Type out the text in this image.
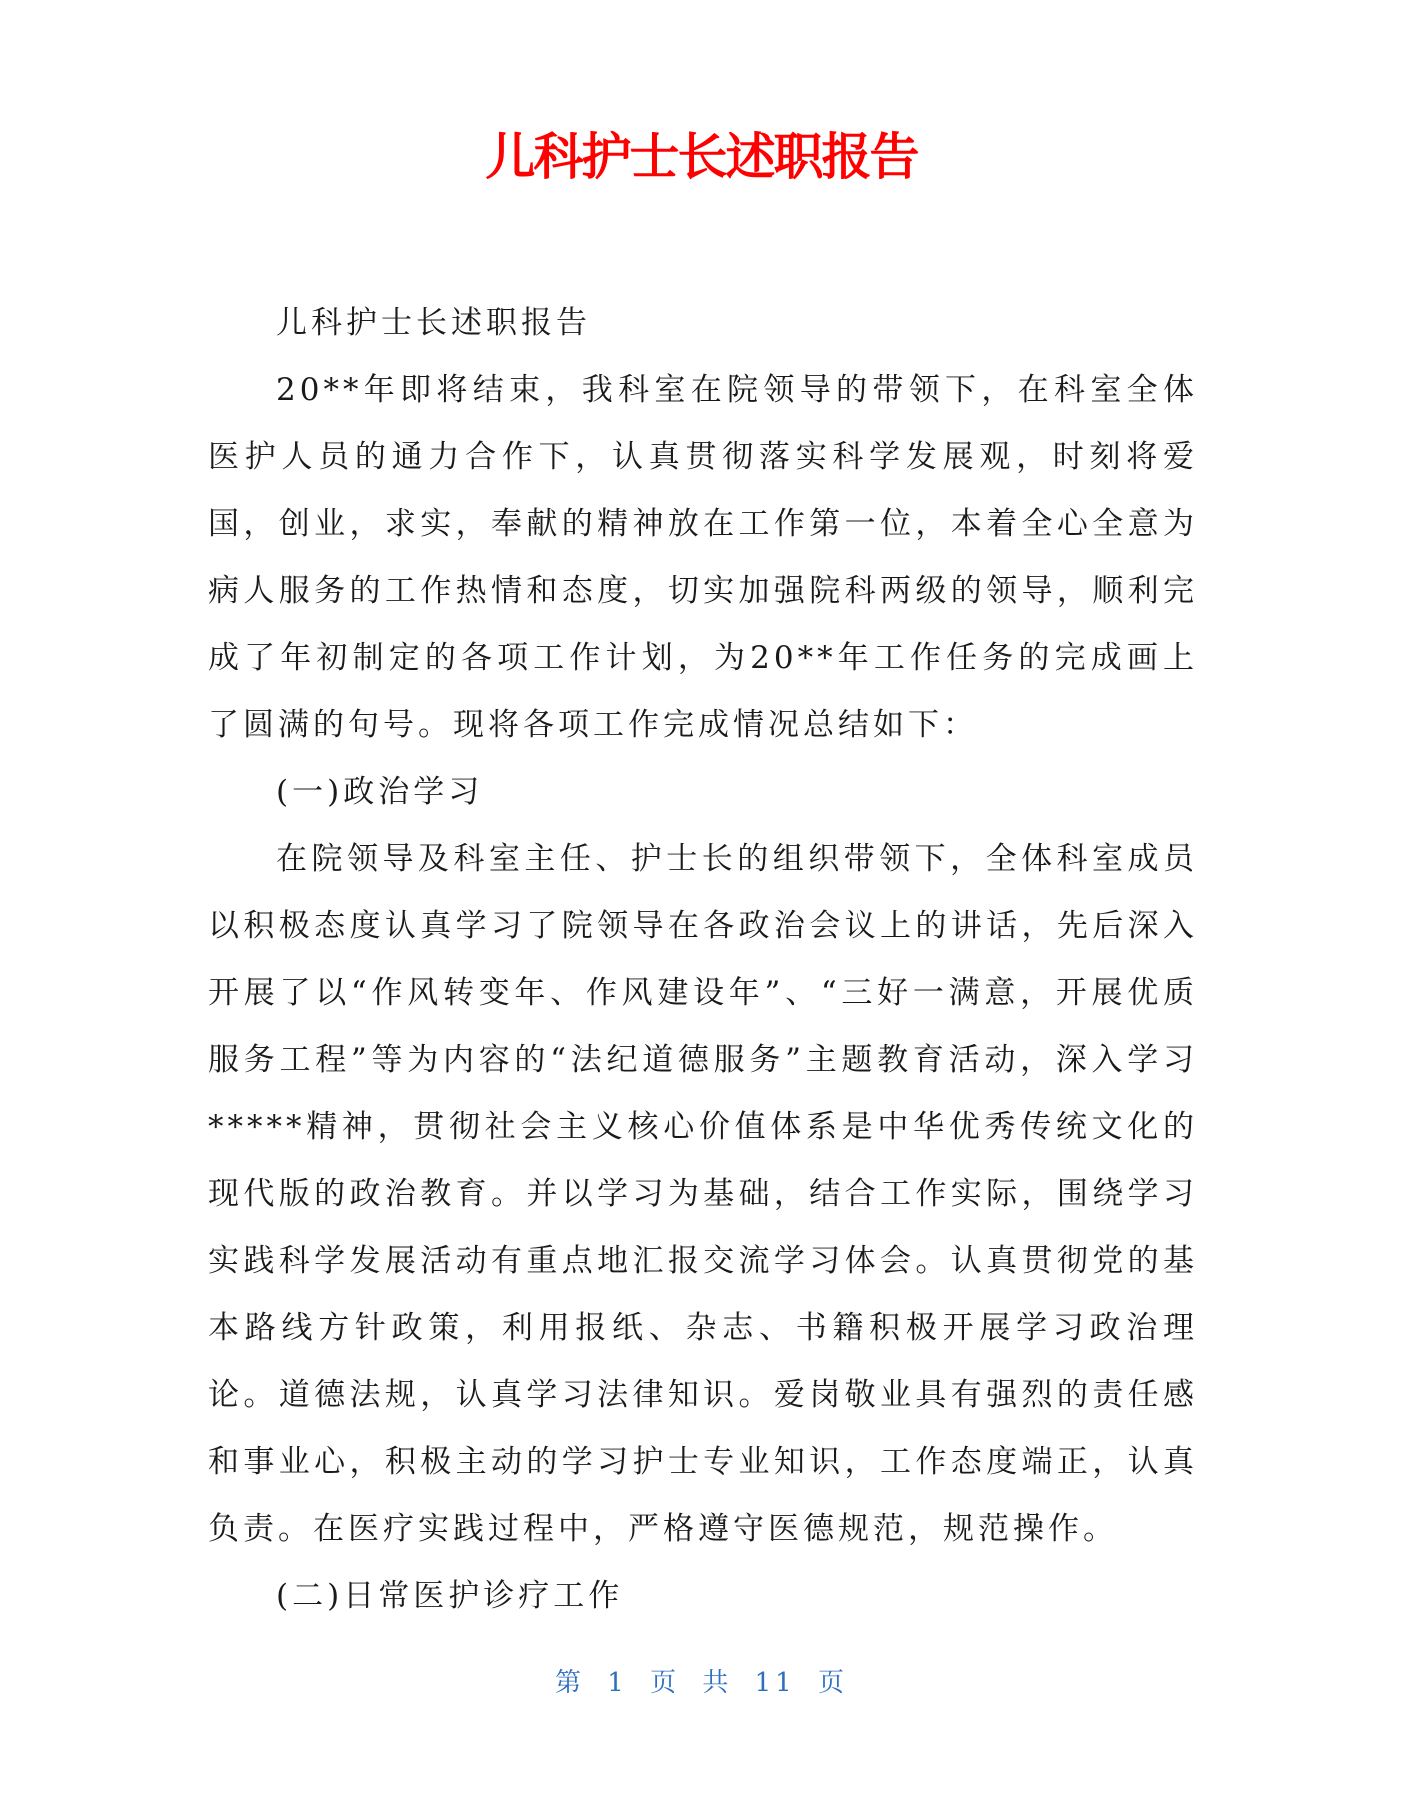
儿科护士长述职报告

儿科护士长述职报告

20**年即将结束，我科室在院领导的带领下，在科室全体医护人员的通力合作下，认真贯彻落实科学发展观，时刻将爱国，创业，求实，奉献的精神放在工作第一位，本着全心全意为病人服务的工作热情和态度，切实加强院科两级的领导，顺利完成了年初制定的各项工作计划，为20**年工作任务的完成画上了圆满的句号。现将各项工作完成情况总结如下：

(一)政治学习

在院领导及科室主任、护士长的组织带领下，全体科室成员以积极态度认真学习了院领导在各政治会议上的讲话，先后深入开展了以“作风转变年、作风建设年”、“三好一满意，开展优质服务工程”等为内容的“法纪道德服务”主题教育活动，深入学习*****精神，贯彻社会主义核心价值体系是中华优秀传统文化的现代版的政治教育。并以学习为基础，结合工作实际，围绕学习实践科学发展活动有重点地汇报交流学习体会。认真贯彻党的基本路线方针政策，利用报纸、杂志、书籍积极开展学习政治理论。道德法规，认真学习法律知识。爱岗敬业具有强烈的责任感和事业心，积极主动的学习护士专业知识，工作态度端正，认真负责。在医疗实践过程中，严格遵守医德规范，规范操作。

(二)日常医护诊疗工作

第 1 页 共 11 页
